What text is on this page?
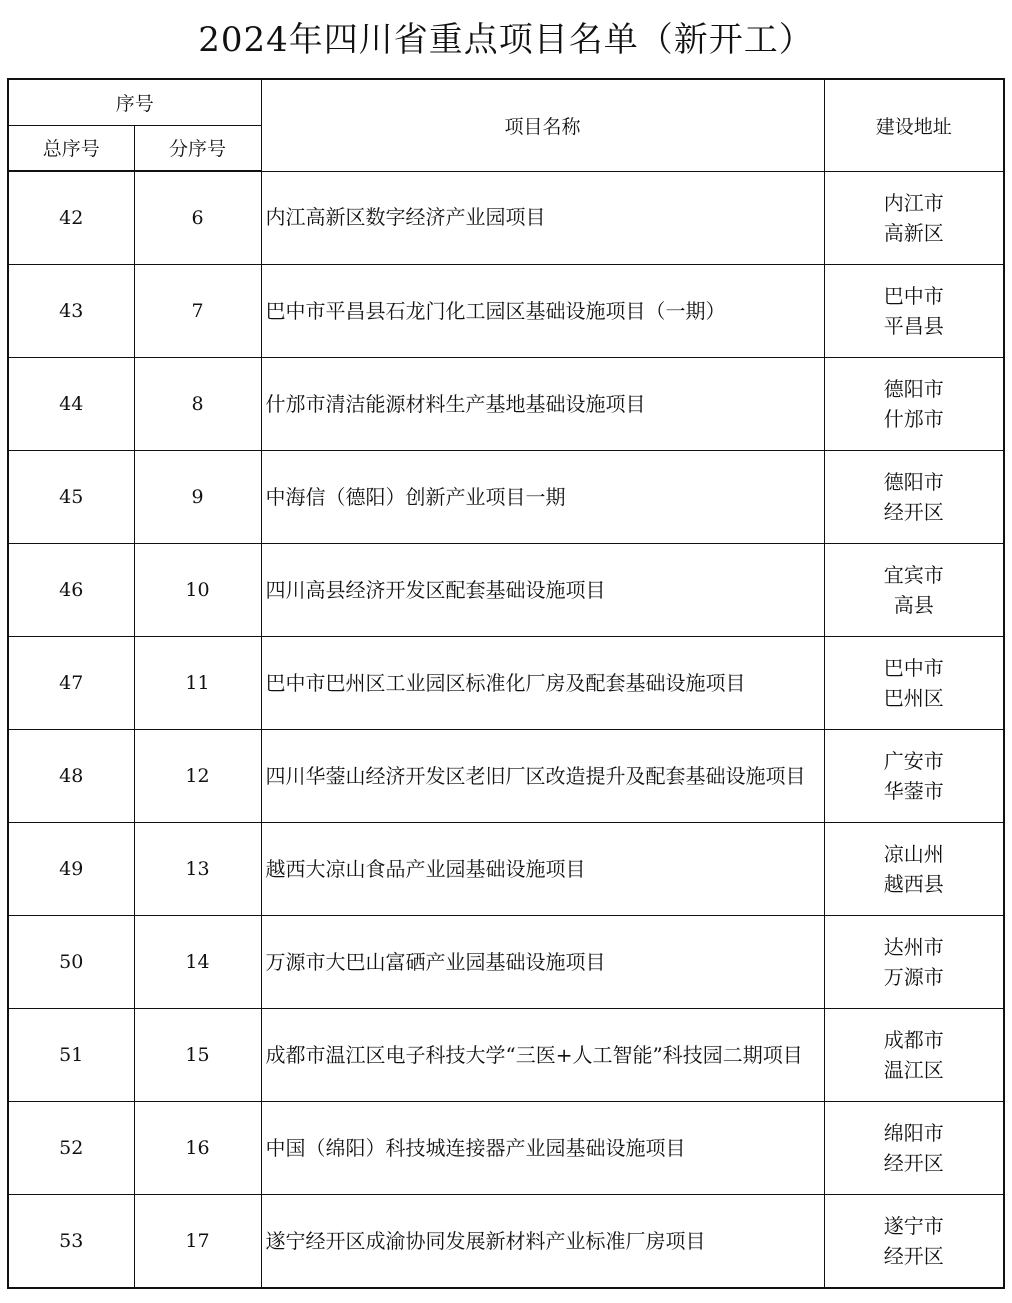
2024年四川省重点项目名单（新开工）
序号		项目名称	建设地址
总序号	分序号		
42	6	内江高新区数字经济产业园项目	内江市
高新区

43	7	巴中市平昌县石龙门化工园区基础设施项目（一期）	巴中市
平昌县

44	8	什邡市清洁能源材料生产基地基础设施项目	德阳市
什邡市

45	9	中海信（德阳）创新产业项目一期	德阳市
经开区

46	10	四川高县经济开发区配套基础设施项目	宜宾市
高县

47	11	巴中市巴州区工业园区标准化厂房及配套基础设施项目	巴中市
巴州区

48	12	四川华蓥山经济开发区老旧厂区改造提升及配套基础设施项目	广安市
华蓥市

49	13	越西大凉山食品产业园基础设施项目	凉山州
越西县

50	14	万源市大巴山富硒产业园基础设施项目	达州市
万源市

51	15	成都市温江区电子科技大学“三医+人工智能”科技园二期项目	成都市
温江区

52	16	中国（绵阳）科技城连接器产业园基础设施项目	绵阳市
经开区

53	17	遂宁经开区成渝协同发展新材料产业标准厂房项目	遂宁市
经开区
